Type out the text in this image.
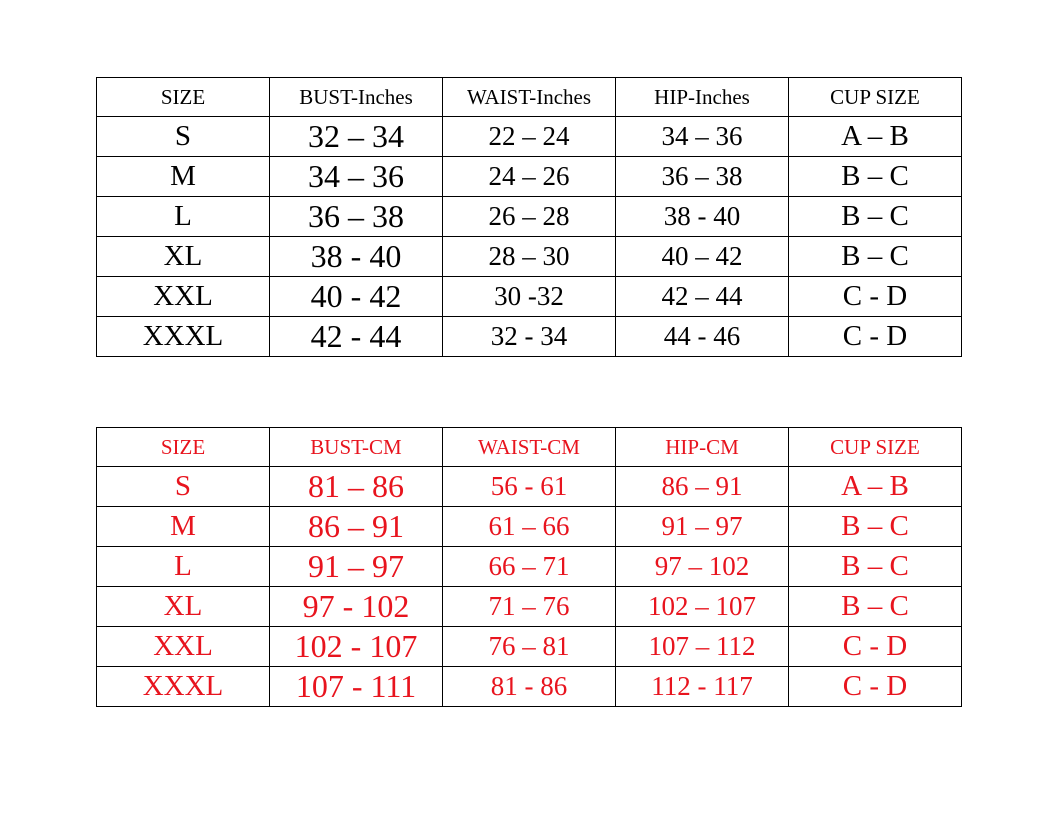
SIZE	BUST-Inches	WAIST-Inches	HIP-Inches	CUP SIZE
S	32 – 34	22 – 24	34 – 36	A – B
M	34 – 36	24 – 26	36 – 38	B – C
L	36 – 38	26 – 28	38 - 40	B – C
XL	38 - 40	28 – 30	40 – 42	B – C
XXL	40 - 42	30 -32	42 – 44	C - D
XXXL	42 - 44	32 - 34	44 - 46	C - D
SIZE	BUST-CM	WAIST-CM	HIP-CM	CUP SIZE
S	81 – 86	56 - 61	86 – 91	A – B
M	86 – 91	61 – 66	91 – 97	B – C
L	91 – 97	66 – 71	97 – 102	B – C
XL	97 - 102	71 – 76	102 – 107	B – C
XXL	102 - 107	76 – 81	107 – 112	C - D
XXXL	107 - 111	81 - 86	112 - 117	C - D
